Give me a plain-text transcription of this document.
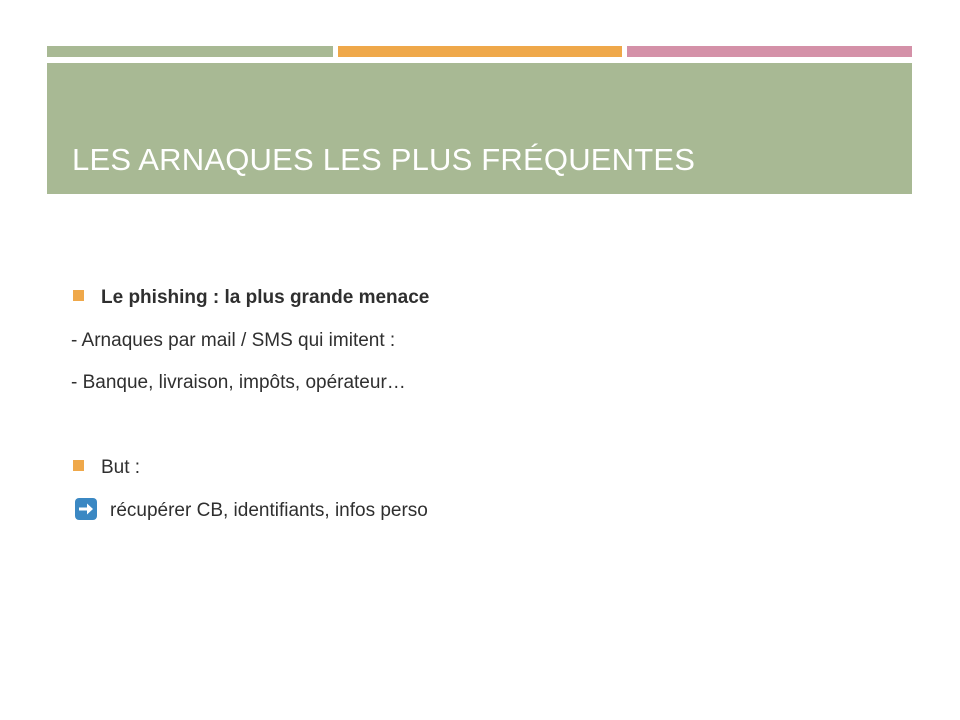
LES ARNAQUES LES PLUS FRÉQUENTES
Le phishing : la plus grande menace
- Arnaques par mail / SMS qui imitent :
- Banque, livraison, impôts, opérateur…
But :
récupérer CB, identifiants, infos perso
